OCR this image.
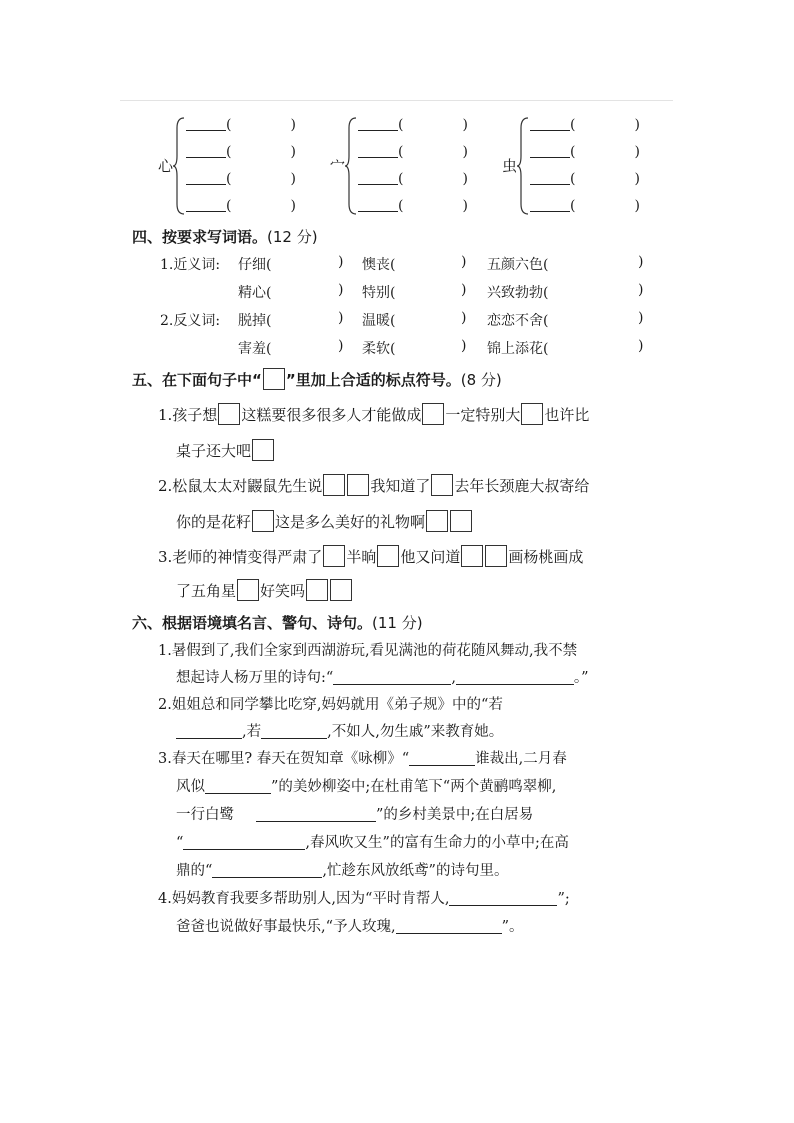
心
(	)
(	)
(	)
(	)
宀
(	)
(	)
(	)
(	)
虫
(	)
(	)
(	)
(	)
四、按要求写词语。(12 分)
1.近义词: 仔细(	) 懊丧(	) 五颜六色(	)
精心(	) 特别(	) 兴致勃勃(	)
2.反义词: 脱掉(	) 温暖(	) 恋恋不舍(	)
害羞(	) 柔软(	) 锦上添花(	)
五、在下面句子中“ ”里加上合适的标点符号。(8 分)
1.孩子想 这糕要很多很多人才能做成 一定特别大 也许比
桌子还大吧
2.松鼠太太对鼹鼠先生说	我知道了 去年长颈鹿大叔寄给
你的是花籽 这是多么美好的礼物啊
3.老师的神情变得严肃了 半晌 他又问道	画杨桃画成
了五角星 好笑吗
六、根据语境填名言、警句、诗句。(11 分)
1.暑假到了,我们全家到西湖游玩,看见满池的荷花随风舞动,我不禁
想起诗人杨万里的诗句:“	,	。”
2.姐姐总和同学攀比吃穿,妈妈就用《弟子规》中的“若
,若	,不如人,勿生戚”来教育她。
3.春天在哪里? 春天在贺知章《咏柳》“	谁裁出,二月春
风似	”的美妙柳姿中;在杜甫笔下“两个黄鹂鸣翠柳,
一行白鹭	”的乡村美景中;在白居易
“	,春风吹又生”的富有生命力的小草中;在高
鼎的“	,忙趁东风放纸鸢”的诗句里。
4.妈妈教育我要多帮助别人,因为“平时肯帮人,	”;
爸爸也说做好事最快乐,“予人玫瑰,	”。
